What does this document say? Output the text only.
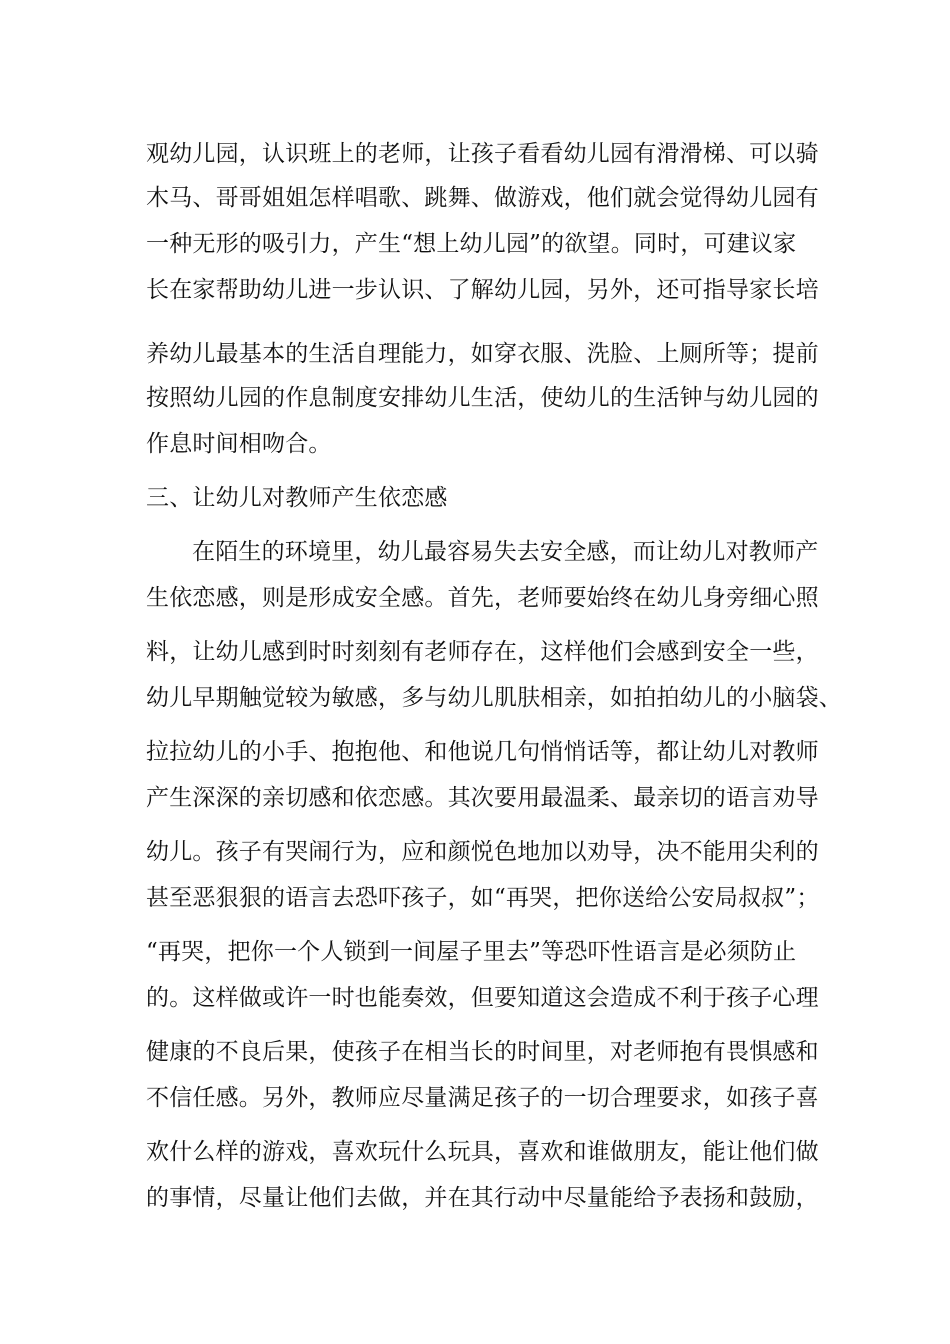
观幼儿园，认识班上的老师，让孩子看看幼儿园有滑滑梯、可以骑
木马、哥哥姐姐怎样唱歌、跳舞、做游戏，他们就会觉得幼儿园有
一种无形的吸引力，产生“想上幼儿园”的欲望。同时，可建议家
长在家帮助幼儿进一步认识、了解幼儿园，另外，还可指导家长培
养幼儿最基本的生活自理能力，如穿衣服、洗脸、上厕所等；提前
按照幼儿园的作息制度安排幼儿生活，使幼儿的生活钟与幼儿园的
作息时间相吻合。
三、让幼儿对教师产生依恋感
在陌生的环境里，幼儿最容易失去安全感，而让幼儿对教师产
生依恋感，则是形成安全感。首先，老师要始终在幼儿身旁细心照
料，让幼儿感到时时刻刻有老师存在，这样他们会感到安全一些，
幼儿早期触觉较为敏感，多与幼儿肌肤相亲，如拍拍幼儿的小脑袋、
拉拉幼儿的小手、抱抱他、和他说几句悄悄话等，都让幼儿对教师
产生深深的亲切感和依恋感。其次要用最温柔、最亲切的语言劝导
幼儿。孩子有哭闹行为，应和颜悦色地加以劝导，决不能用尖利的
甚至恶狠狠的语言去恐吓孩子，如“再哭，把你送给公安局叔叔”；
“再哭，把你一个人锁到一间屋子里去”等恐吓性语言是必须防止
的。这样做或许一时也能奏效，但要知道这会造成不利于孩子心理
健康的不良后果，使孩子在相当长的时间里，对老师抱有畏惧感和
不信任感。另外，教师应尽量满足孩子的一切合理要求，如孩子喜
欢什么样的游戏，喜欢玩什么玩具，喜欢和谁做朋友，能让他们做
的事情，尽量让他们去做，并在其行动中尽量能给予表扬和鼓励，
